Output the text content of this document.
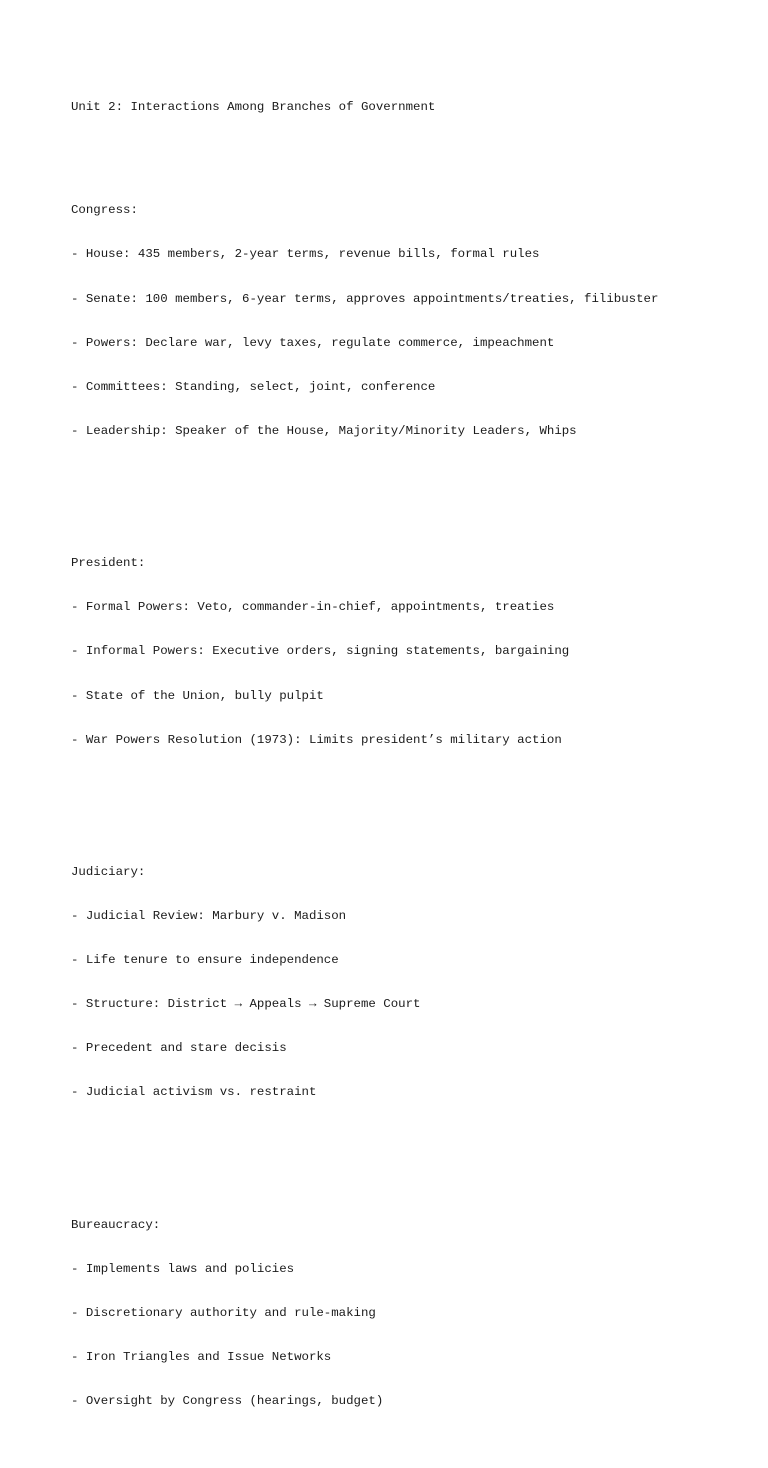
Unit 2: Interactions Among Branches of Government

Congress:

- House: 435 members, 2-year terms, revenue bills, formal rules

- Senate: 100 members, 6-year terms, approves appointments/treaties, filibuster

- Powers: Declare war, levy taxes, regulate commerce, impeachment

- Committees: Standing, select, joint, conference

- Leadership: Speaker of the House, Majority/Minority Leaders, Whips

President:

- Formal Powers: Veto, commander-in-chief, appointments, treaties

- Informal Powers: Executive orders, signing statements, bargaining

- State of the Union, bully pulpit

- War Powers Resolution (1973): Limits president’s military action

Judiciary:

- Judicial Review: Marbury v. Madison

- Life tenure to ensure independence

- Structure: District → Appeals → Supreme Court

- Precedent and stare decisis

- Judicial activism vs. restraint

Bureaucracy:

- Implements laws and policies

- Discretionary authority and rule-making

- Iron Triangles and Issue Networks

- Oversight by Congress (hearings, budget)
